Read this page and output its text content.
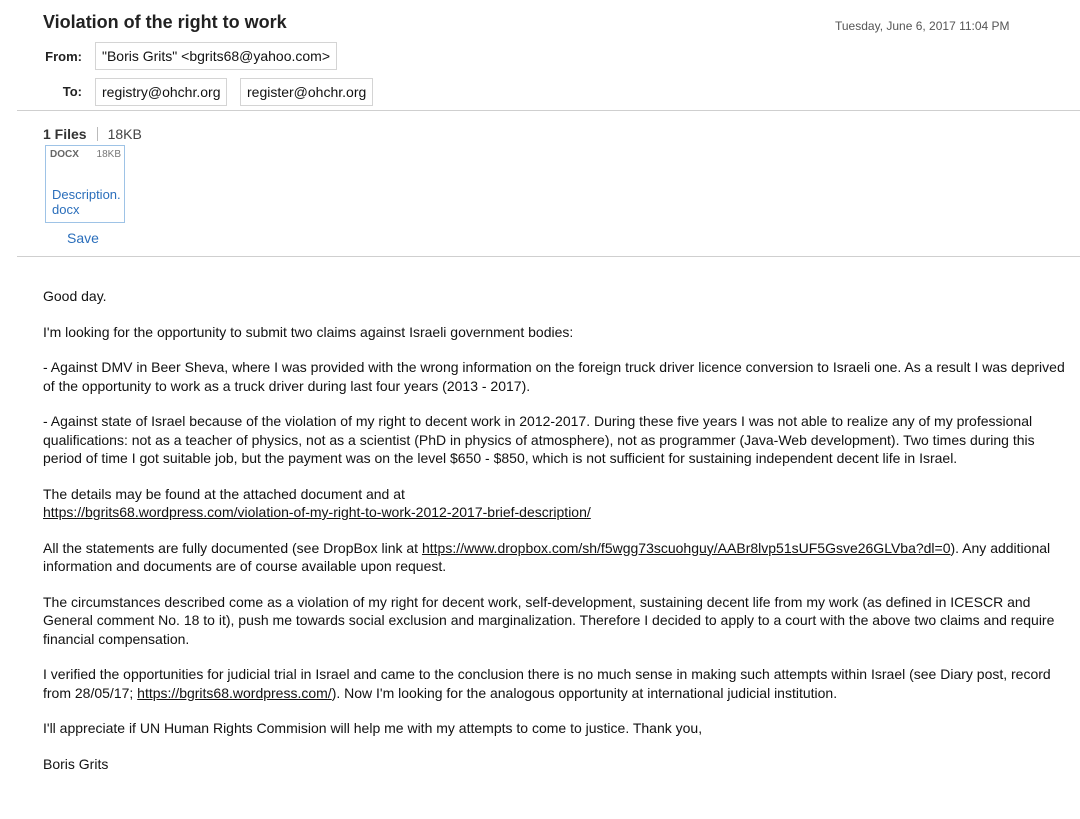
Violation of the right to work	Tuesday, June 6, 2017 11:04 PM
From:	"Boris Grits" <bgrits68@yahoo.com>
To:	registry@ohchr.org	register@ohchr.org
1 Files 18KB
DOCX 18KB
Description.docx
Save

Good day.

I'm looking for the opportunity to submit two claims against Israeli government bodies:

- Against DMV in Beer Sheva, where I was provided with the wrong information on the foreign truck driver licence conversion to Israeli one. As a result I was deprived of the opportunity to work as a truck driver during last four years (2013 - 2017).

- Against state of Israel because of the violation of my right to decent work in 2012-2017. During these five years I was not able to realize any of my professional qualifications: not as a teacher of physics, not as a scientist (PhD in physics of atmosphere), not as programmer (Java-Web development). Two times during this period of time I got suitable job, but the payment was on the level $650 - $850, which is not sufficient for sustaining independent decent life in Israel.

The details may be found at the attached document and at
https://bgrits68.wordpress.com/violation-of-my-right-to-work-2012-2017-brief-description/

All the statements are fully documented (see DropBox link at https://www.dropbox.com/sh/f5wgg73scuohguy/AABr8lvp51sUF5Gsve26GLVba?dl=0). Any additional information and documents are of course available upon request.

The circumstances described come as a violation of my right for decent work, self-development, sustaining decent life from my work (as defined in ICESCR and General comment No. 18 to it), push me towards social exclusion and marginalization. Therefore I decided to apply to a court with the above two claims and require financial compensation.

I verified the opportunities for judicial trial in Israel and came to the conclusion there is no much sense in making such attempts within Israel (see Diary post, record from 28/05/17; https://bgrits68.wordpress.com/). Now I'm looking for the analogous opportunity at international judicial institution.

I'll appreciate if UN Human Rights Commision will help me with my attempts to come to justice. Thank you,

Boris Grits
